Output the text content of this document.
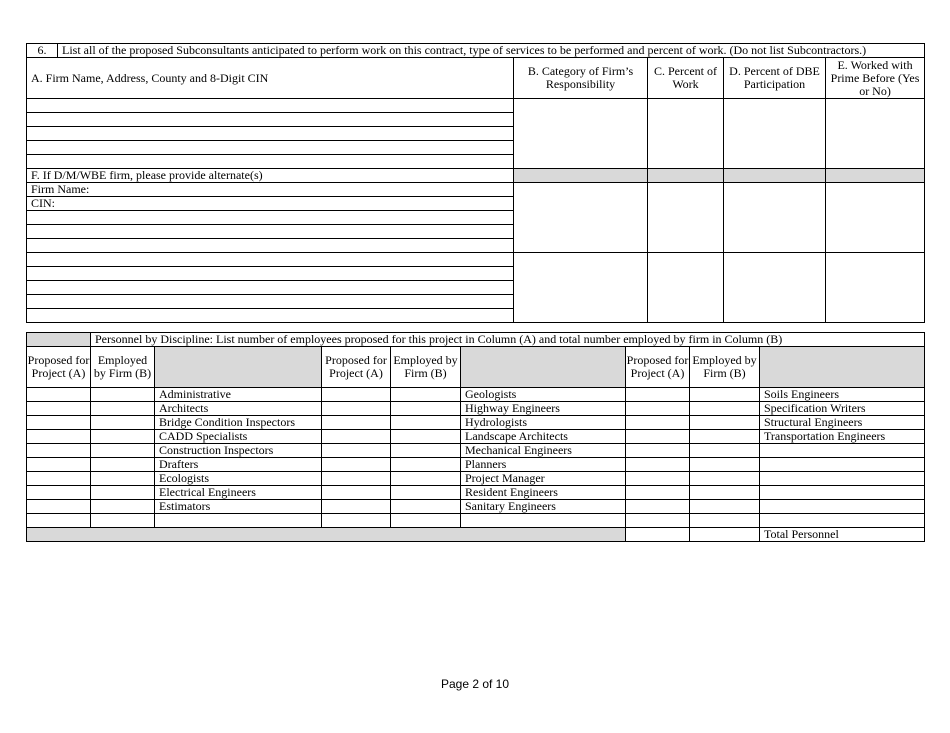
6.	List all of the proposed Subconsultants anticipated to perform work on this contract, type of services to be performed and percent of work. (Do not list Subcontractors.)				
A. Firm Name, Address, County and 8-Digit CIN		B. Category of Firm’s Responsibility	C. Percent of Work	D. Percent of DBE Participation	E. Worked with Prime Before (Yes or No)

F. If D/M/WBE firm, please provide alternate(s)					
Firm Name:					
CIN:					

	Personnel by Discipline: List number of employees proposed for this project in Column (A) and total number employed by firm in Column (B)							
Proposed for Project (A)	Employed by Firm (B)		Proposed for Project (A)	Employed by Firm (B)		Proposed for Project (A)	Employed by Firm (B)	
		Administrative			Geologists			Soils Engineers
		Architects			Highway Engineers			Specification Writers
		Bridge Condition Inspectors			Hydrologists			Structural Engineers
		CADD Specialists			Landscape Architects			Transportation Engineers
		Construction Inspectors			Mechanical Engineers			
		Drafters			Planners			
		Ecologists			Project Manager			
		Electrical Engineers			Resident Engineers			
		Estimators			Sanitary Engineers			

								Total Personnel
Page 2 of 10
